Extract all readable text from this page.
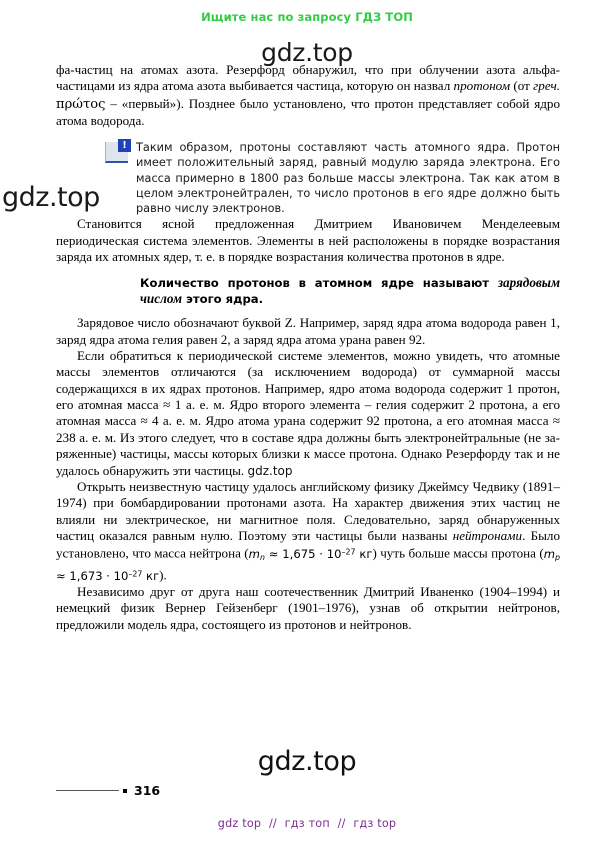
Ищите нас по запросу ГДЗ ТОП
gdz.top
gdz.top

фа-частиц на атомах азота. Резерфорд обнаружил, что при облучении азота альфа-частицами из ядра атома азота выбивается частица, которую он назвал протоном (от греч. πρώτος – «первый»). Позднее было установлено, что протон представляет собой ядро атома водорода.

! Таким образом, протоны составляют часть атомного ядра. Протон имеет положительный заряд, равный модулю заряда электрона. Его масса примерно в 1800 раз больше массы электрона. Так как атом в целом электронейтрален, то число протонов в его ядре должно быть равно числу электронов.

Становится ясной предложенная Дмитрием Ивановичем Менделеевым периодическая система элементов. Элементы в ней расположены в порядке возрастания заряда их атомных ядер, т. е. в порядке возрастания количества протонов в ядре.

Количество протонов в атомном ядре называют зарядовым числом этого ядра.

Зарядовое число обозначают буквой Z. Например, заряд ядра атома водорода равен 1, заряд ядра атома гелия равен 2, а заряд ядра атома урана равен 92.

Если обратиться к периодической системе элементов, можно увидеть, что атомные массы элементов отличаются (за исключением водорода) от суммарной массы содержащихся в их ядрах протонов. Например, ядро атома водорода содержит 1 протон, его атомная масса ≈ 1 а. е. м. Ядро второго элемента – гелия содержит 2 протона, а его атомная масса ≈ 4 а. е. м. Ядро атома урана содержит 92 протона, а его атомная масса ≈ 238 а. е. м. Из этого следует, что в составе ядра должны быть электронейтральные (не заряженные) частицы, массы которых близки к массе протона. Однако Резерфорду так и не удалось обнаружить эти частицы. gdz.top

Открыть неизвестную частицу удалось английскому физику Джеймсу Чедвику (1891–1974) при бомбардировании протонами азота. На характер движения этих частиц не влияли ни электрическое, ни магнитное поля. Следовательно, заряд обнаруженных частиц оказался равным нулю. Поэтому эти частицы были названы нейтронами. Было установлено, что масса нейтрона ($m_n \approx 1,675 \cdot 10^{-27}$ кг) чуть больше массы протона ($m_p \approx 1,673 \cdot 10^{-27}$ кг).

Независимо друг от друга наш соотечественник Дмитрий Иваненко (1904–1994) и немецкий физик Вернер Гейзенберг (1901–1976), узнав об открытии нейтронов, предложили модель ядра, состоящего из протонов и нейтронов.

gdz.top
316
gdz top // гдз топ // гдз top
